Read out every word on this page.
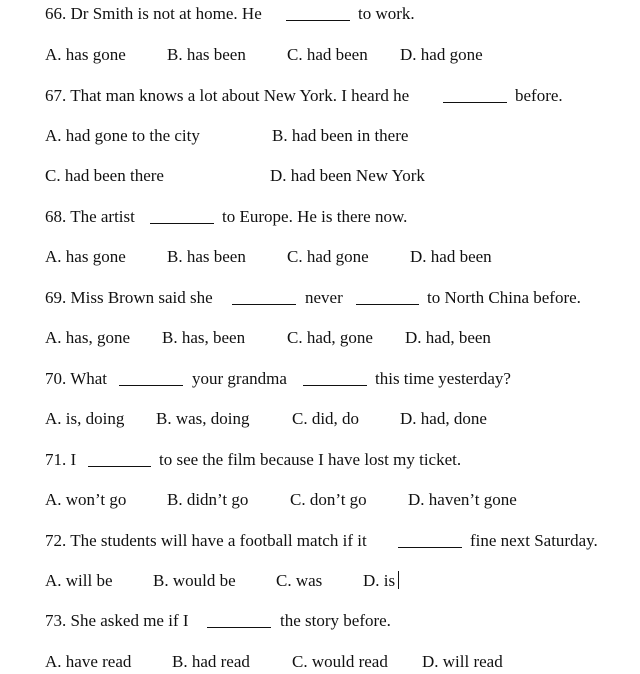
66. Dr Smith is not at home. He	to work.
A. has gone B. has been C. had been D. had gone
67. That man knows a lot about New York. I heard he	before.
A. had gone to the city	B. had been in there
C. had been there	D. had been New York
68. The artist	to Europe. He is there now.
A. has gone B. has been C. had gone D. had been
69. Miss Brown said she	never	to North China before.
A. has, gone B. has, been C. had, gone D. had, been
70. What	your grandma	this time yesterday?
A. is, doing B. was, doing	C. did, do D. had, done
71. I	to see the film because I have lost my ticket.
A. won’t go B. didn’t go C. don’t go D. haven’t gone
72. The students will have a football match if it	fine next Saturday.
A. will be B. would be C. was D. is
73. She asked me if I	the story before.
A. have read B. had read C. would read D. will read
